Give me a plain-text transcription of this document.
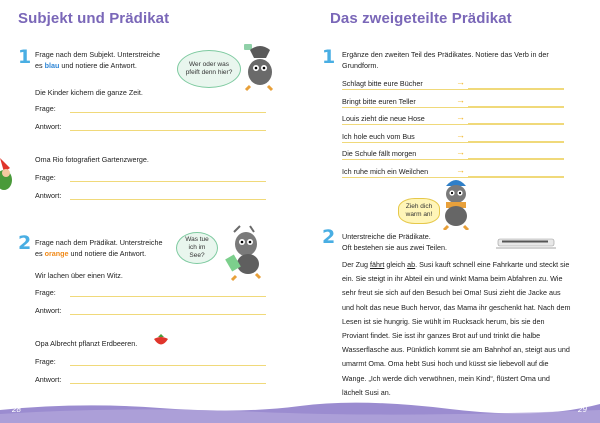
Subjekt und Prädikat
1 Frage nach dem Subjekt. Unterstreiche
es blau und notiere die Antwort.	Wer oder was pfeift denn hier?
Die Kinder kichern die ganze Zeit.
Frage:
Antwort:
Oma Rio fotografiert Gartenzwerge.
Frage:
Antwort:
2 Frage nach dem Prädikat. Unterstreiche
es orange und notiere die Antwort.
Was tue ich im See?
Wir lachen über einen Witz.
Frage:
Antwort:
Opa Albrecht pflanzt Erdbeeren.
Frage:
Antwort:
Das zweigeteilte Prädikat
1 Ergänze den zweiten Teil des Prädikates. Notiere das Verb in der
Grundform.
Zieh dich warm an!
2 Unterstreiche die Prädikate.
Oft bestehen sie aus zwei Teilen.
Der Zug fährt gleich ab. Susi kauft schnell eine Fahrkarte und steckt sie ein. Sie steigt in ihr Abteil ein und winkt Mama beim Abfahren zu. Wie sehr freut sie sich auf den Besuch bei Oma! Susi zieht die Jacke aus und holt das neue Buch hervor, das Mama ihr geschenkt hat. Nach dem Lesen ist sie hungrig. Sie wühlt im Rucksack herum, bis sie den Proviant findet. Sie isst ihr ganzes Brot auf und trinkt die halbe Wasserflasche aus. Pünktlich kommt sie am Bahnhof an, steigt aus und umarmt Oma. Oma hebt Susi hoch und küsst sie liebevoll auf die Wange. „Ich werde dich verwöhnen, mein Kind“, flüstert Oma und lächelt Susi an.
Schlagt bitte eure Bücher	→
Bringt bitte euren Teller	→
Louis zieht die neue Hose	→
Ich hole euch vom Bus	→
Die Schule fällt morgen	→
Ich ruhe mich ein Weilchen	→
28	29
